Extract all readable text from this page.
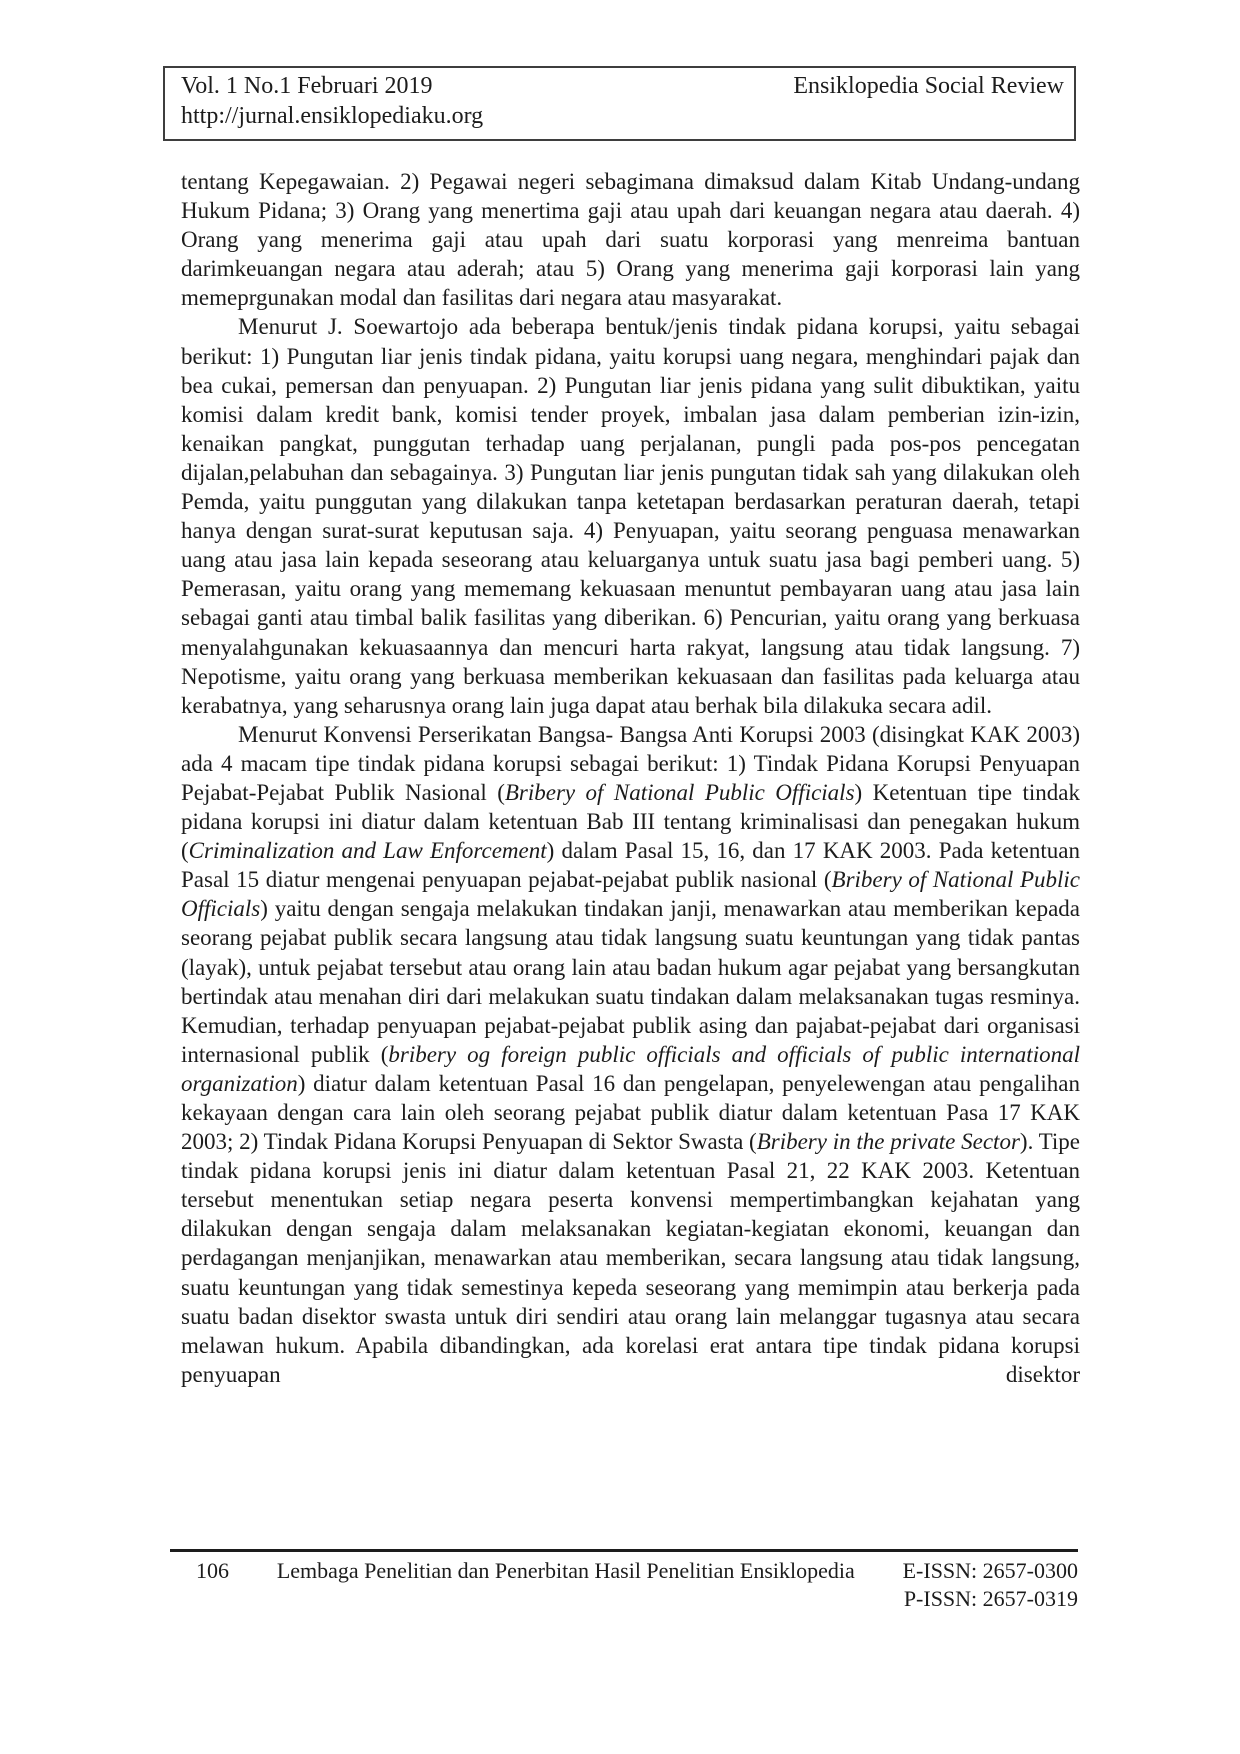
Vol. 1 No.1 Februari 2019	Ensiklopedia Social Review
http://jurnal.ensiklopediaku.org

tentang Kepegawaian. 2) Pegawai negeri sebagimana dimaksud dalam Kitab Undang-undang Hukum Pidana; 3) Orang yang menertima gaji atau upah dari keuangan negara atau daerah. 4) Orang yang menerima gaji atau upah dari suatu korporasi yang menreima bantuan darimkeuangan negara atau aderah; atau 5) Orang yang menerima gaji korporasi lain yang memeprgunakan modal dan fasilitas dari negara atau masyarakat.

Menurut J. Soewartojo ada beberapa bentuk/jenis tindak pidana korupsi, yaitu sebagai berikut: 1) Pungutan liar jenis tindak pidana, yaitu korupsi uang negara, menghindari pajak dan bea cukai, pemersan dan penyuapan. 2) Pungutan liar jenis pidana yang sulit dibuktikan, yaitu komisi dalam kredit bank, komisi tender proyek, imbalan jasa dalam pemberian izin-izin, kenaikan pangkat, punggutan terhadap uang perjalanan, pungli pada pos-pos pencegatan dijalan,pelabuhan dan sebagainya. 3) Pungutan liar jenis pungutan tidak sah yang dilakukan oleh Pemda, yaitu punggutan yang dilakukan tanpa ketetapan berdasarkan peraturan daerah, tetapi hanya dengan surat-surat keputusan saja. 4) Penyuapan, yaitu seorang penguasa menawarkan uang atau jasa lain kepada seseorang atau keluarganya untuk suatu jasa bagi pemberi uang. 5) Pemerasan, yaitu orang yang mememang kekuasaan menuntut pembayaran uang atau jasa lain sebagai ganti atau timbal balik fasilitas yang diberikan. 6) Pencurian, yaitu orang yang berkuasa menyalahgunakan kekuasaannya dan mencuri harta rakyat, langsung atau tidak langsung. 7) Nepotisme, yaitu orang yang berkuasa memberikan kekuasaan dan fasilitas pada keluarga atau kerabatnya, yang seharusnya orang lain juga dapat atau berhak bila dilakuka secara adil.

Menurut Konvensi Perserikatan Bangsa- Bangsa Anti Korupsi 2003 (disingkat KAK 2003) ada 4 macam tipe tindak pidana korupsi sebagai berikut: 1) Tindak Pidana Korupsi Penyuapan Pejabat-Pejabat Publik Nasional (Bribery of National Public Officials) Ketentuan tipe tindak pidana korupsi ini diatur dalam ketentuan Bab III tentang kriminalisasi dan penegakan hukum (Criminalization and Law Enforcement) dalam Pasal 15, 16, dan 17 KAK 2003. Pada ketentuan Pasal 15 diatur mengenai penyuapan pejabat-pejabat publik nasional (Bribery of National Public Officials) yaitu dengan sengaja melakukan tindakan janji, menawarkan atau memberikan kepada seorang pejabat publik secara langsung atau tidak langsung suatu keuntungan yang tidak pantas (layak), untuk pejabat tersebut atau orang lain atau badan hukum agar pejabat yang bersangkutan bertindak atau menahan diri dari melakukan suatu tindakan dalam melaksanakan tugas resminya. Kemudian, terhadap penyuapan pejabat-pejabat publik asing dan pajabat-pejabat dari organisasi internasional publik (bribery og foreign public officials and officials of public international organization) diatur dalam ketentuan Pasal 16 dan pengelapan, penyelewengan atau pengalihan kekayaan dengan cara lain oleh seorang pejabat publik diatur dalam ketentuan Pasa 17 KAK 2003; 2) Tindak Pidana Korupsi Penyuapan di Sektor Swasta (Bribery in the private Sector). Tipe tindak pidana korupsi jenis ini diatur dalam ketentuan Pasal 21, 22 KAK 2003. Ketentuan tersebut menentukan setiap negara peserta konvensi mempertimbangkan kejahatan yang dilakukan dengan sengaja dalam melaksanakan kegiatan-kegiatan ekonomi, keuangan dan perdagangan menjanjikan, menawarkan atau memberikan, secara langsung atau tidak langsung, suatu keuntungan yang tidak semestinya kepeda seseorang yang memimpin atau berkerja pada suatu badan disektor swasta untuk diri sendiri atau orang lain melanggar tugasnya atau secara melawan hukum. Apabila dibandingkan, ada korelasi erat antara tipe tindak pidana korupsi penyuapan disektor

106	Lembaga Penelitian dan Penerbitan Hasil Penelitian Ensiklopedia	E-ISSN: 2657-0300
P-ISSN: 2657-0319
